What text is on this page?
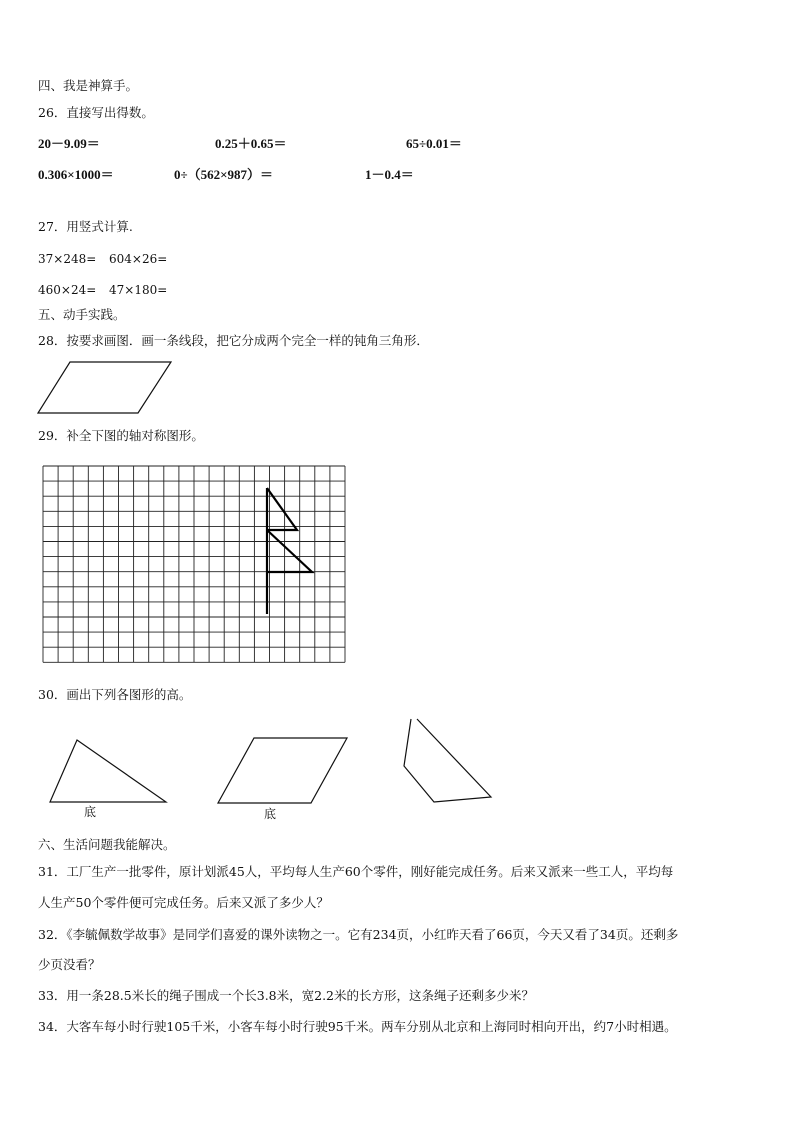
四、我是神算手。
26．直接写出得数。
20－9.09＝	0.25＋0.65＝	65÷0.01＝
0.306×1000＝	0÷（562×987）＝	1－0.4＝
27．用竖式计算.
37×248= 604×26=
460×24= 47×180=
五、动手实践。
28．按要求画图．画一条线段，把它分成两个完全一样的钝角三角形．
29．补全下图的轴对称图形。
30．画出下列各图形的高。
底	底
六、生活问题我能解决。
31．工厂生产一批零件，原计划派45人，平均每人生产60个零件，刚好能完成任务。后来又派来一些工人，平均每
人生产50个零件便可完成任务。后来又派了多少人？
32．《李毓佩数学故事》是同学们喜爱的课外读物之一。它有234页，小红昨天看了66页，今天又看了34页。还剩多
少页没看？
33．用一条28.5米长的绳子围成一个长3.8米，宽2.2米的长方形，这条绳子还剩多少米？
34．大客车每小时行驶105千米，小客车每小时行驶95千米。两车分别从北京和上海同时相向开出，约7小时相遇。
